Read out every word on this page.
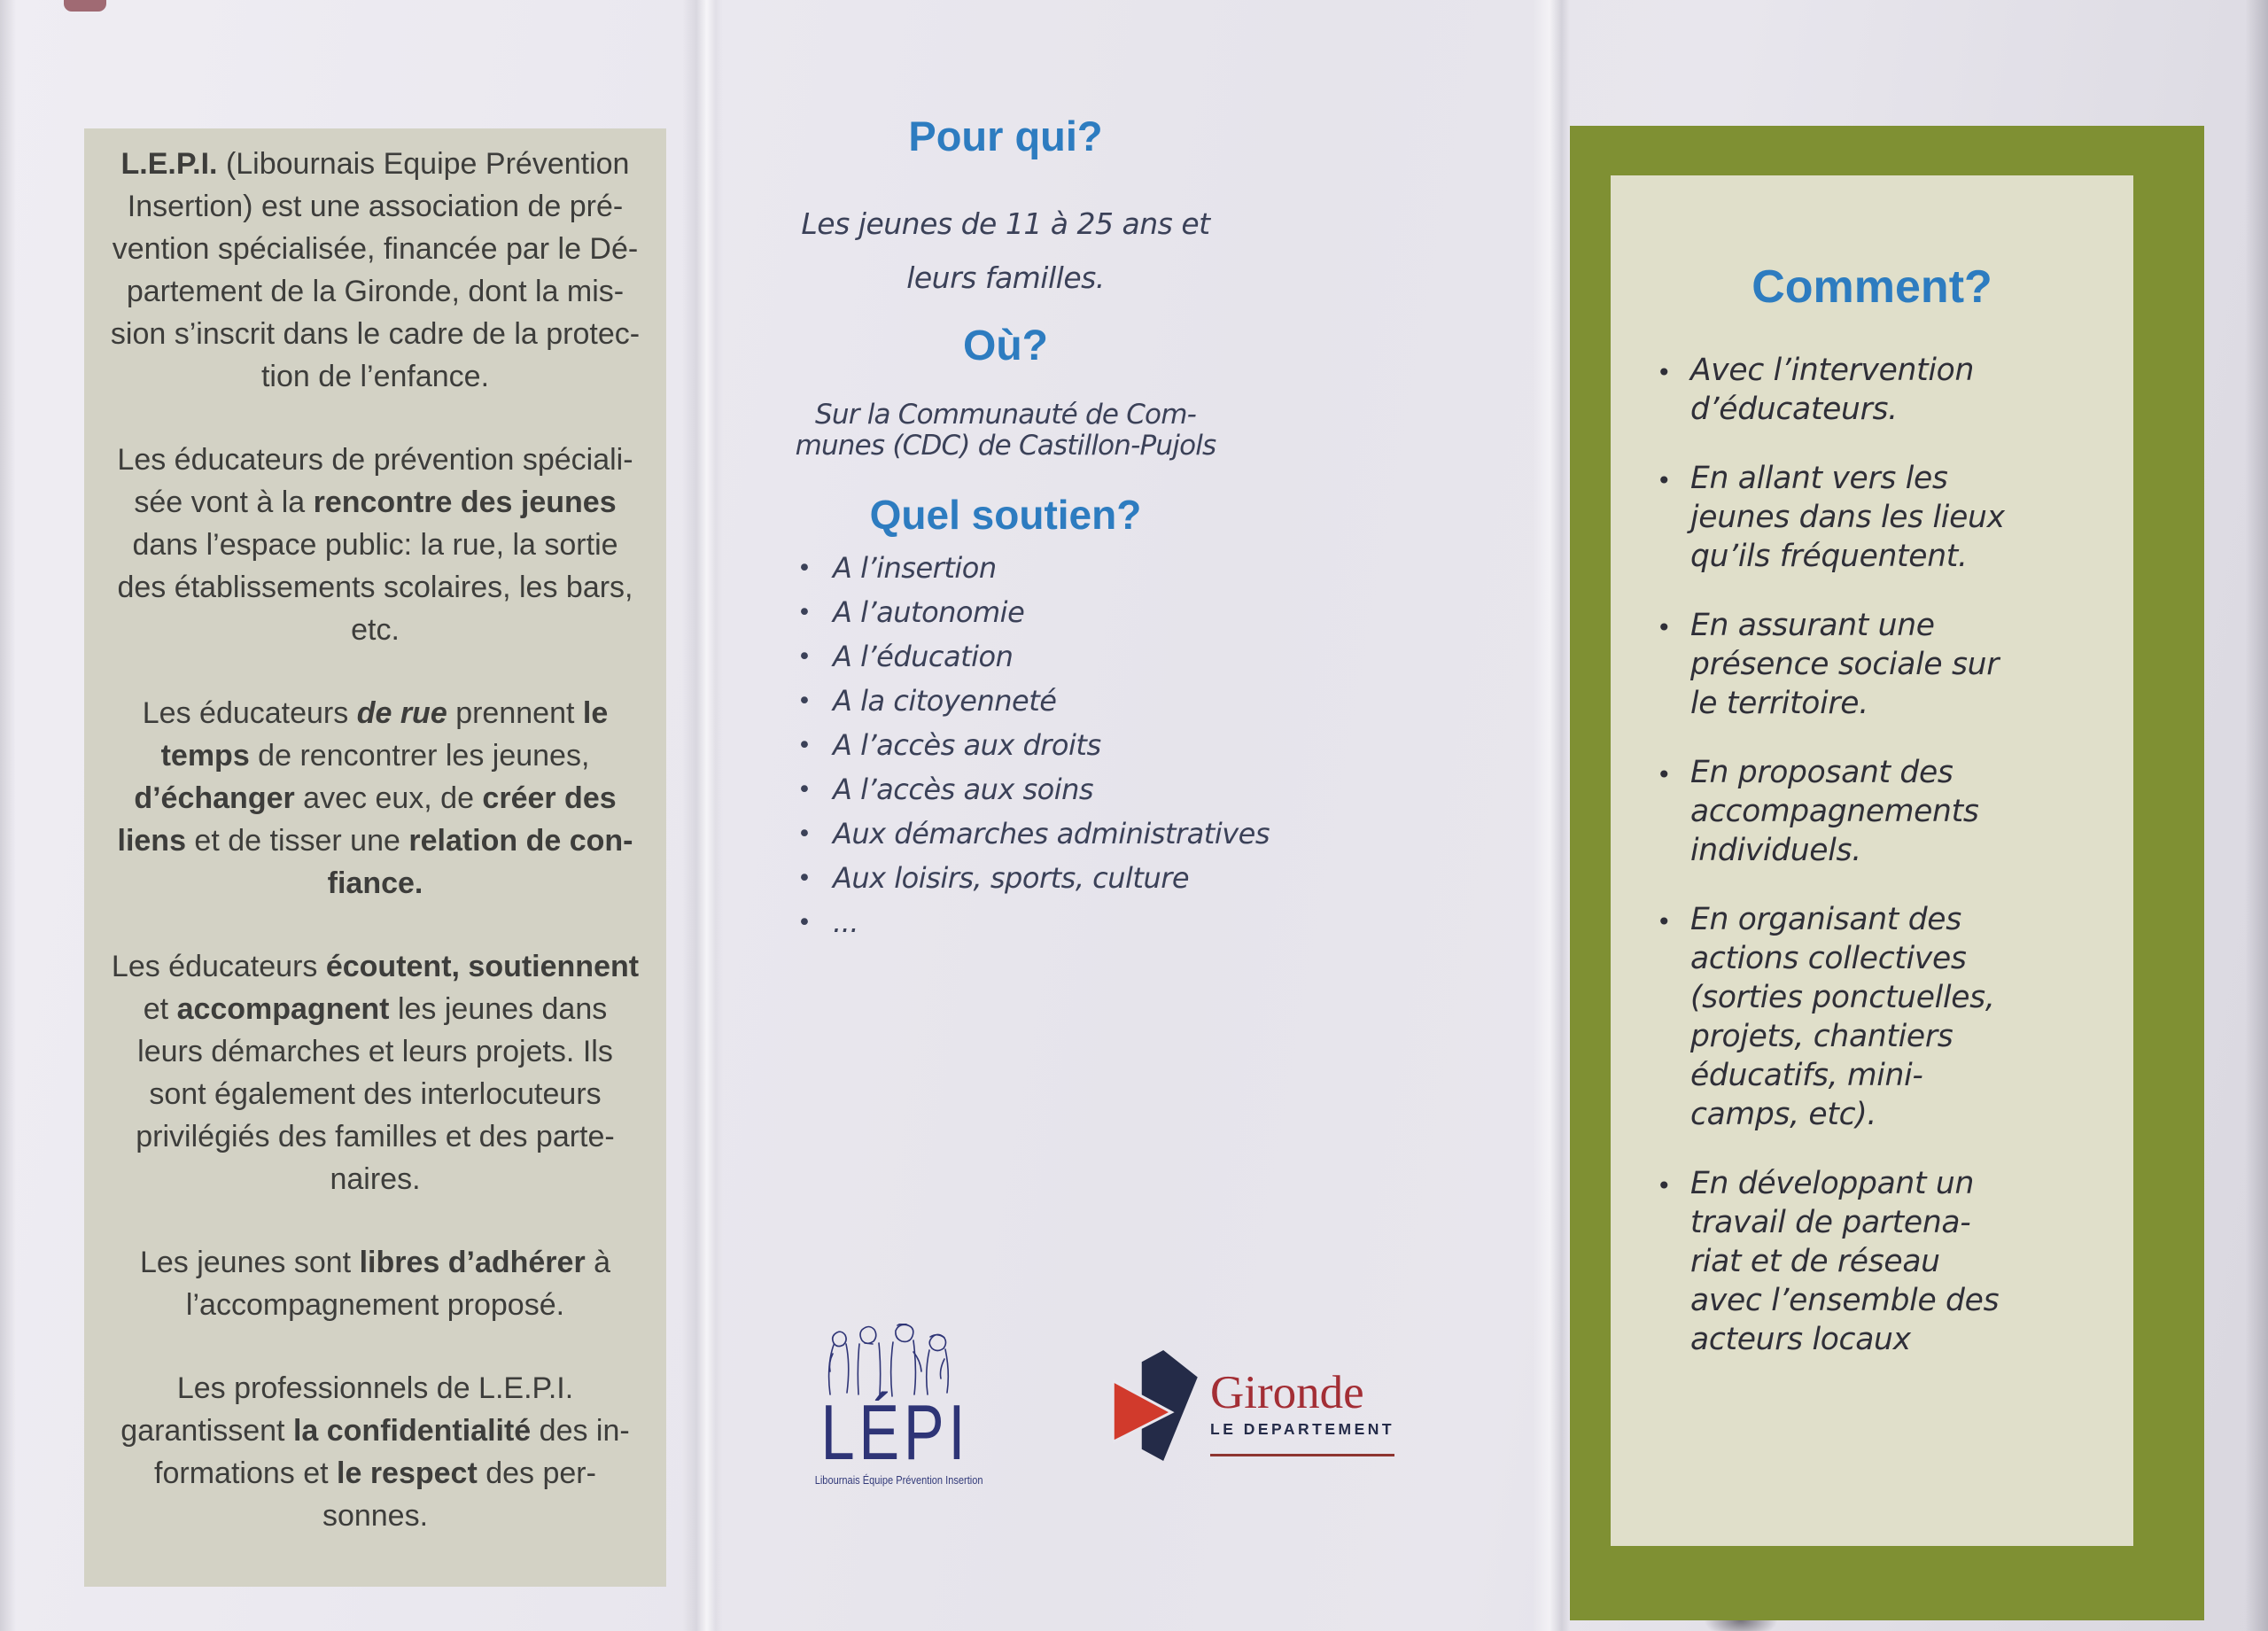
L.E.P.I. (Libournais Equipe Prévention
Insertion) est une association de pré-
vention spécialisée, financée par le Dé-
partement de la Gironde, dont la mis-
sion s’inscrit dans le cadre de la protec-
tion de l’enfance.

Les éducateurs de prévention spéciali-
sée vont à la rencontre des jeunes
dans l’espace public: la rue, la sortie
des établissements scolaires, les bars,
etc.

Les éducateurs de rue prennent le
temps de rencontrer les jeunes,
d’échanger avec eux, de créer des
liens et de tisser une relation de con-
fiance.

Les éducateurs écoutent, soutiennent
et accompagnent les jeunes dans
leurs démarches et leurs projets. Ils
sont également des interlocuteurs
privilégiés des familles et des parte-
naires.

Les jeunes sont libres d’adhérer à
l’accompagnement proposé.

Les professionnels de L.E.P.I.
garantissent la confidentialité des in-
formations et le respect des per-
sonnes.

Pour qui?
Les jeunes de 11 à 25 ans et
leurs familles.
Où?
Sur la Communauté de Com-
munes (CDC) de Castillon-Pujols
Quel soutien?
• A l’insertion
• A l’autonomie
• A l’éducation
• A la citoyenneté
• A l’accès aux droits
• A l’accès aux soins
• Aux démarches administratives
• Aux loisirs, sports, culture
• ...
LÉPI
Libournais Équipe Prévention Insertion
Gironde
LE DEPARTEMENT
Comment?
• Avec l’intervention
d’éducateurs.
• En allant vers les
jeunes dans les lieux
qu’ils fréquentent.
• En assurant une
présence sociale sur
le territoire.
• En proposant des
accompagnements
individuels.
• En organisant des
actions collectives
(sorties ponctuelles,
projets, chantiers
éducatifs, mini-
camps, etc).
• En développant un
travail de partena-
riat et de réseau
avec l’ensemble des
acteurs locaux
